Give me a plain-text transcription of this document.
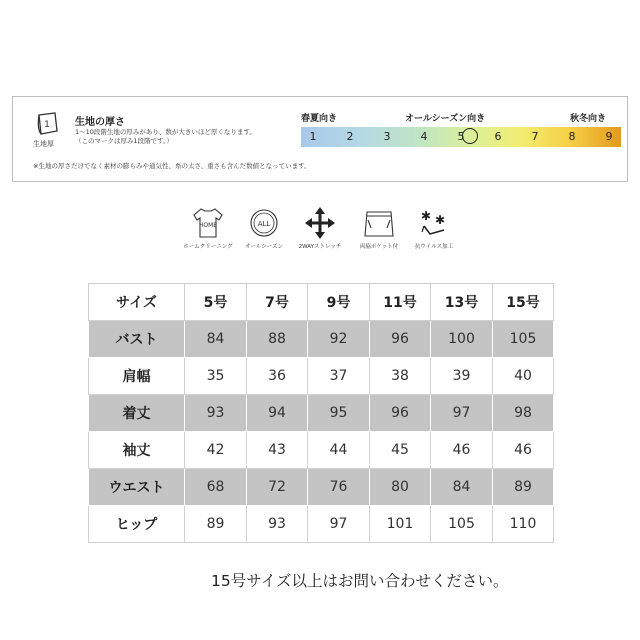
1
生地厚
生地の厚さ
1～10段階生地の厚みがあり、数が大きいほど厚くなります。
（このマークは厚み1段階です。）
※生地の厚さだけでなく素材の膨らみや通気性、糸の太さ、重さも含んだ数値となっています。
春夏向き	オールシーズン向き	秋冬向き
1	2	3	4	5	6	7	8	9
HOME
ホームクリーニング
ALL
オールシーズン	2WAYストレッチ	両脇ポケット付
✱ ✱
抗ウイルス加工
サイズ	5号	7号	9号	11号	13号	15号
バスト	84	88	92	96	100	105
肩幅	35	36	37	38	39	40
着丈	93	94	95	96	97	98
袖丈	42	43	44	45	46	46
ウエスト	68	72	76	80	84	89
ヒップ	89	93	97	101	105	110
15号サイズ以上はお問い合わせください。
